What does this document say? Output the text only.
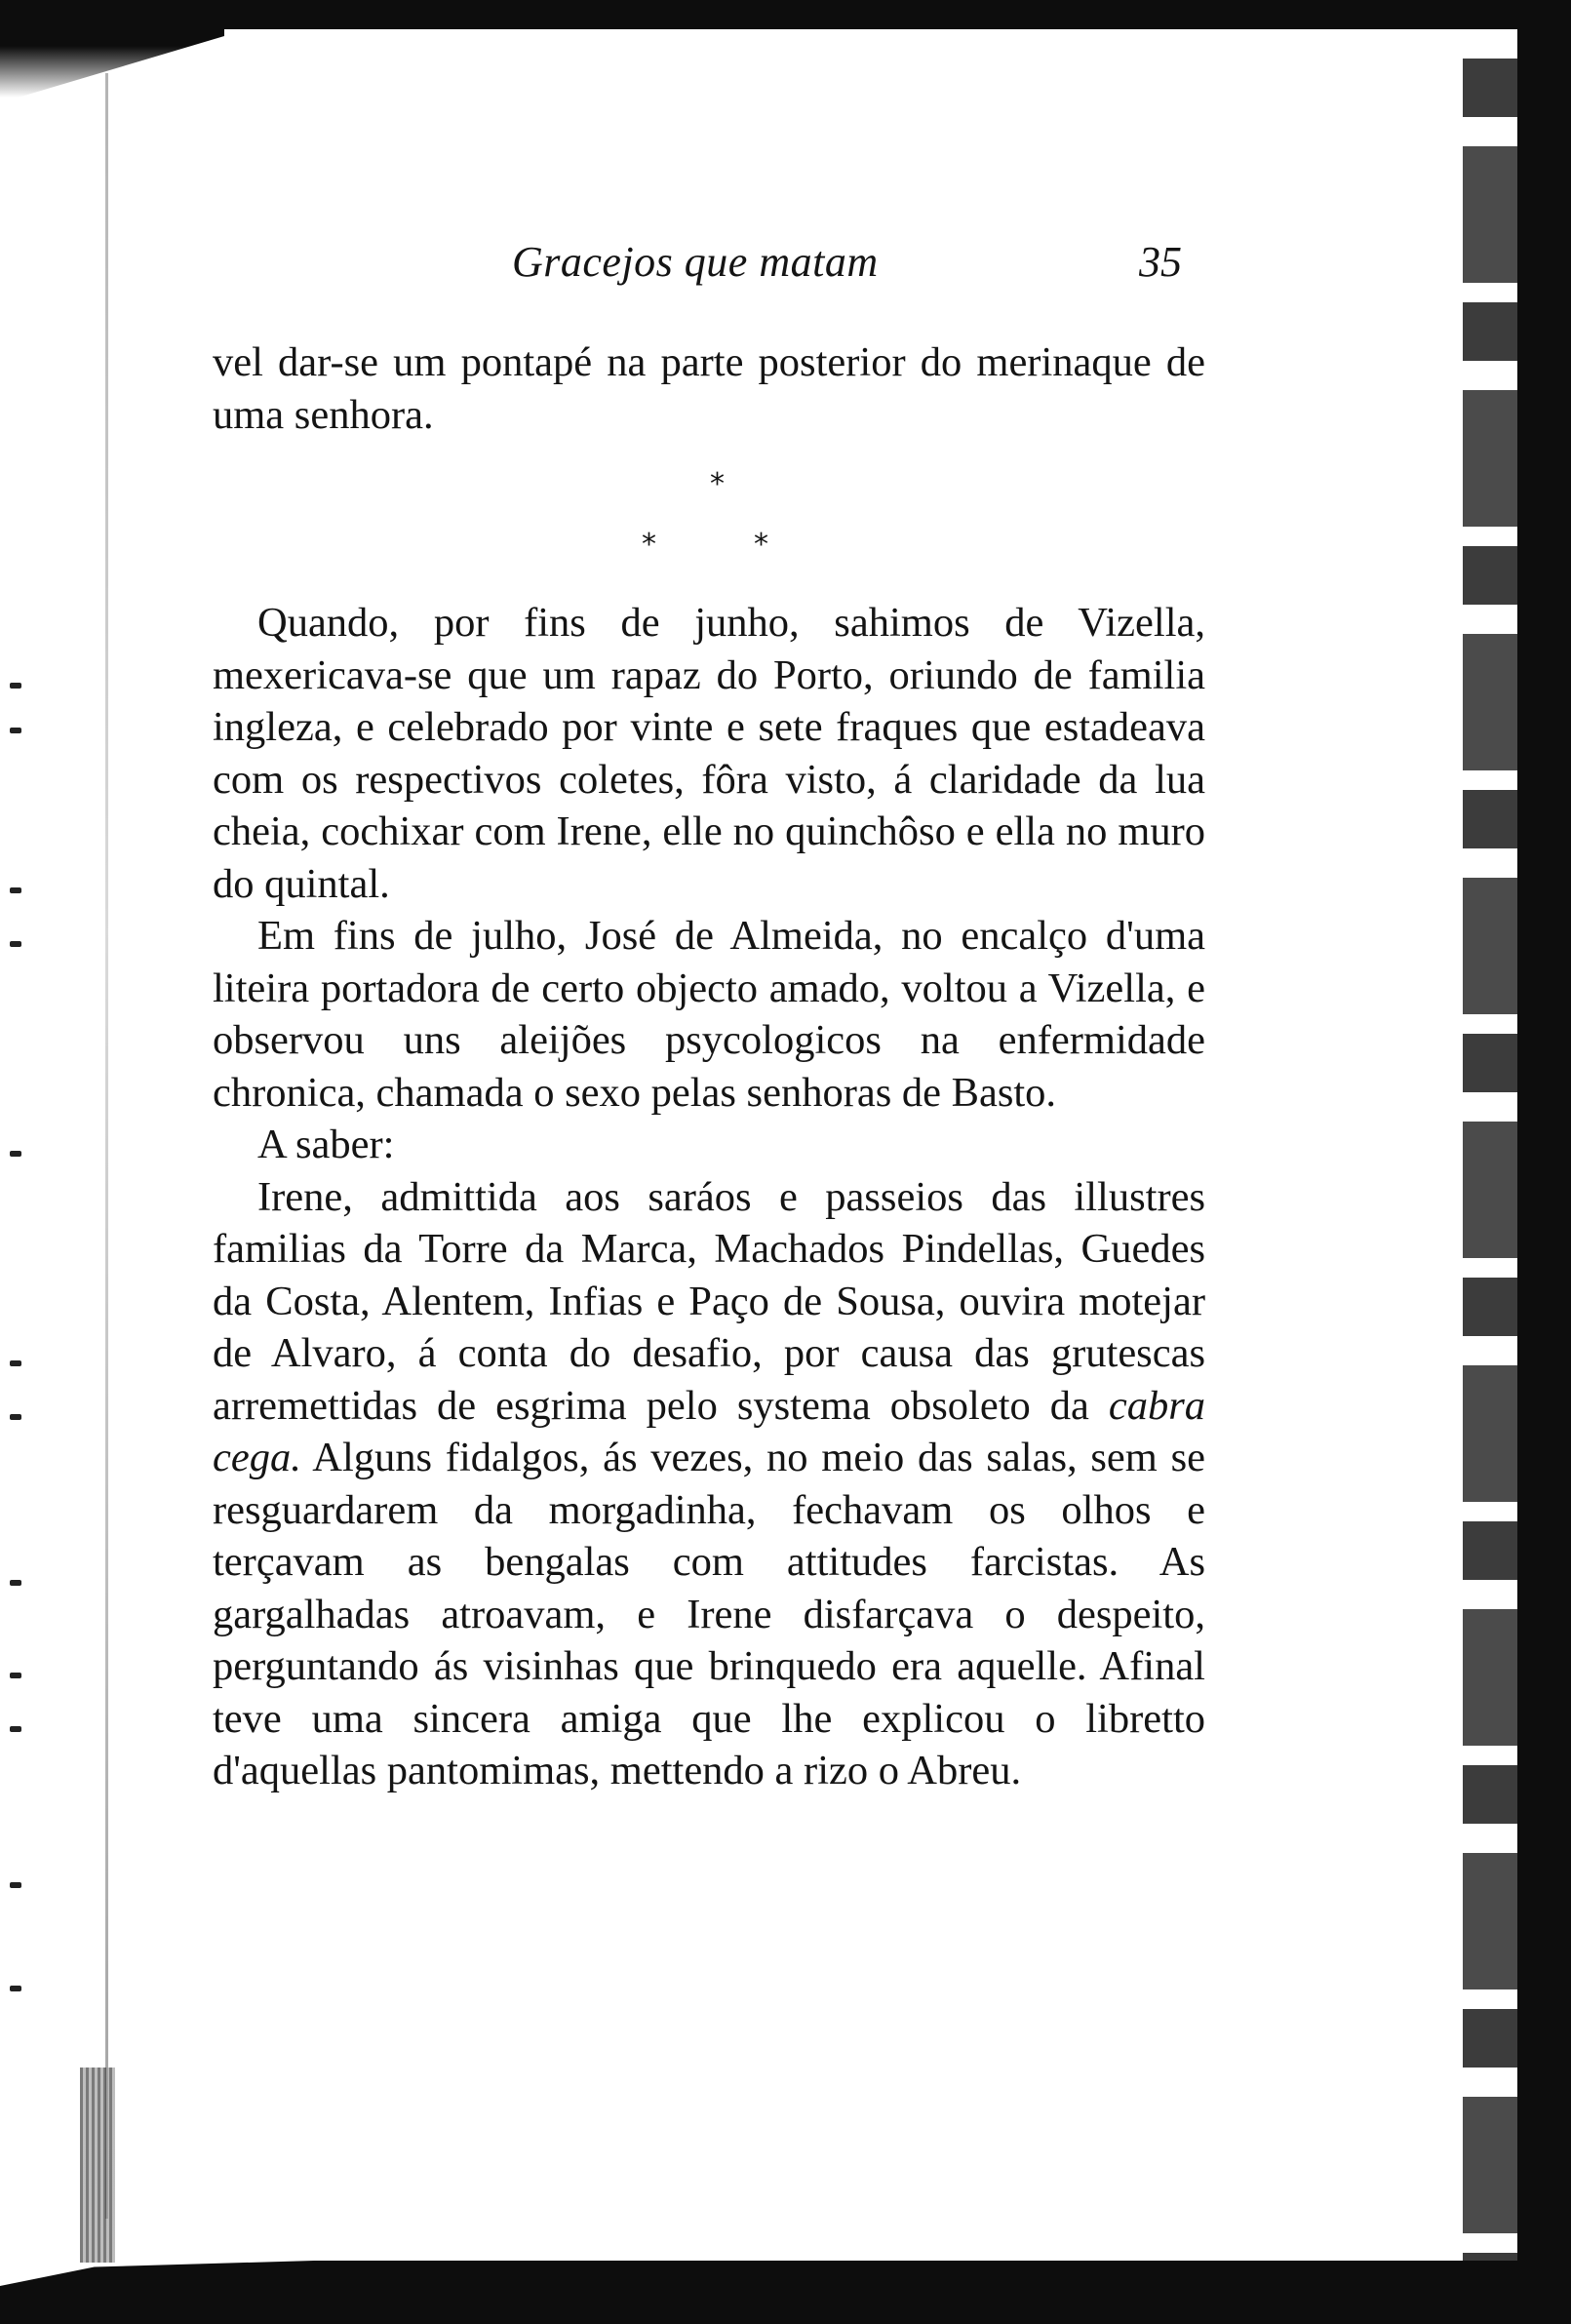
Gracejos que matam	35

vel dar-se um pontapé na parte posterior do merinaque de uma senhora.

*
*	*

Quando, por fins de junho, sahimos de Vizella, mexericava-se que um rapaz do Porto, oriundo de familia ingleza, e celebrado por vinte e sete fraques que estadeava com os respectivos coletes, fôra visto, á claridade da lua cheia, cochixar com Irene, elle no quinchôso e ella no muro do quintal.

Em fins de julho, José de Almeida, no encalço d'uma liteira portadora de certo objecto amado, voltou a Vizella, e observou uns aleijões psycologicos na enfermidade chronica, chamada o sexo pelas senhoras de Basto.

A saber:

Irene, admittida aos saráos e passeios das illustres familias da Torre da Marca, Machados Pindellas, Guedes da Costa, Alentem, Infias e Paço de Sousa, ouvira motejar de Alvaro, á conta do desafio, por causa das grutescas arremettidas de esgrima pelo systema obsoleto da cabra cega. Alguns fidalgos, ás vezes, no meio das salas, sem se resguardarem da morgadinha, fechavam os olhos e terçavam as bengalas com attitudes farcistas. As gargalhadas atroavam, e Irene disfarçava o despeito, perguntando ás visinhas que brinquedo era aquelle. Afinal teve uma sincera amiga que lhe explicou o libretto d'aquellas pantomimas, mettendo a rizo o Abreu.
